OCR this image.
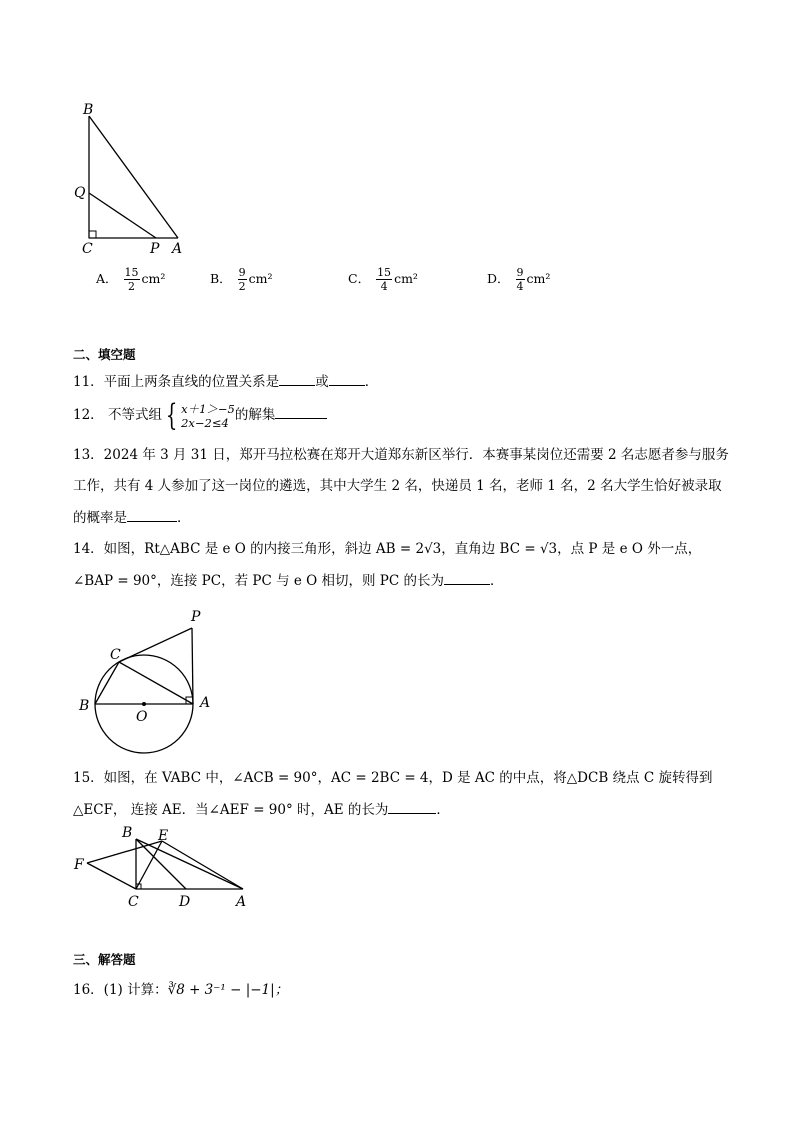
B
Q
C	P A
A． $\frac{15}{2} cm^2$	B． $\frac{9}{2} cm^2$	C． $\frac{15}{4} cm^2$	D． $\frac{9}{4} cm^2$
二、填空题
11．平面上两条直线的位置关系是	或	．
12． 不等式组 { x＋1＞−5
2x−2≤4 的解集
13．2024 年 3 月 31 日，郑开马拉松赛在郑开大道郑东新区举行．本赛事某岗位还需要 2 名志愿者参与服务
工作，共有 4 人参加了这一岗位的遴选，其中大学生 2 名，快递员 1 名，老师 1 名，2 名大学生恰好被录取
的概率是	．
14．如图，Rt△ABC 是 e O 的内接三角形，斜边 AB = 2√3，直角边 BC = √3，点 P 是 e O 外一点，
∠BAP = 90°，连接 PC，若 PC 与 e O 相切，则 PC 的长为	．
P
C
B
O
A
15．如图，在 VABC 中，∠ACB = 90°，AC = 2BC = 4，D 是 AC 的中点，将△DCB 绕点 C 旋转得到
△ECF， 连接 AE．当∠AEF = 90° 时，AE 的长为	．
B E
F
C	D	A
三、解答题
16．(1) 计算：∛8 + 3⁻¹ − |−1|；
